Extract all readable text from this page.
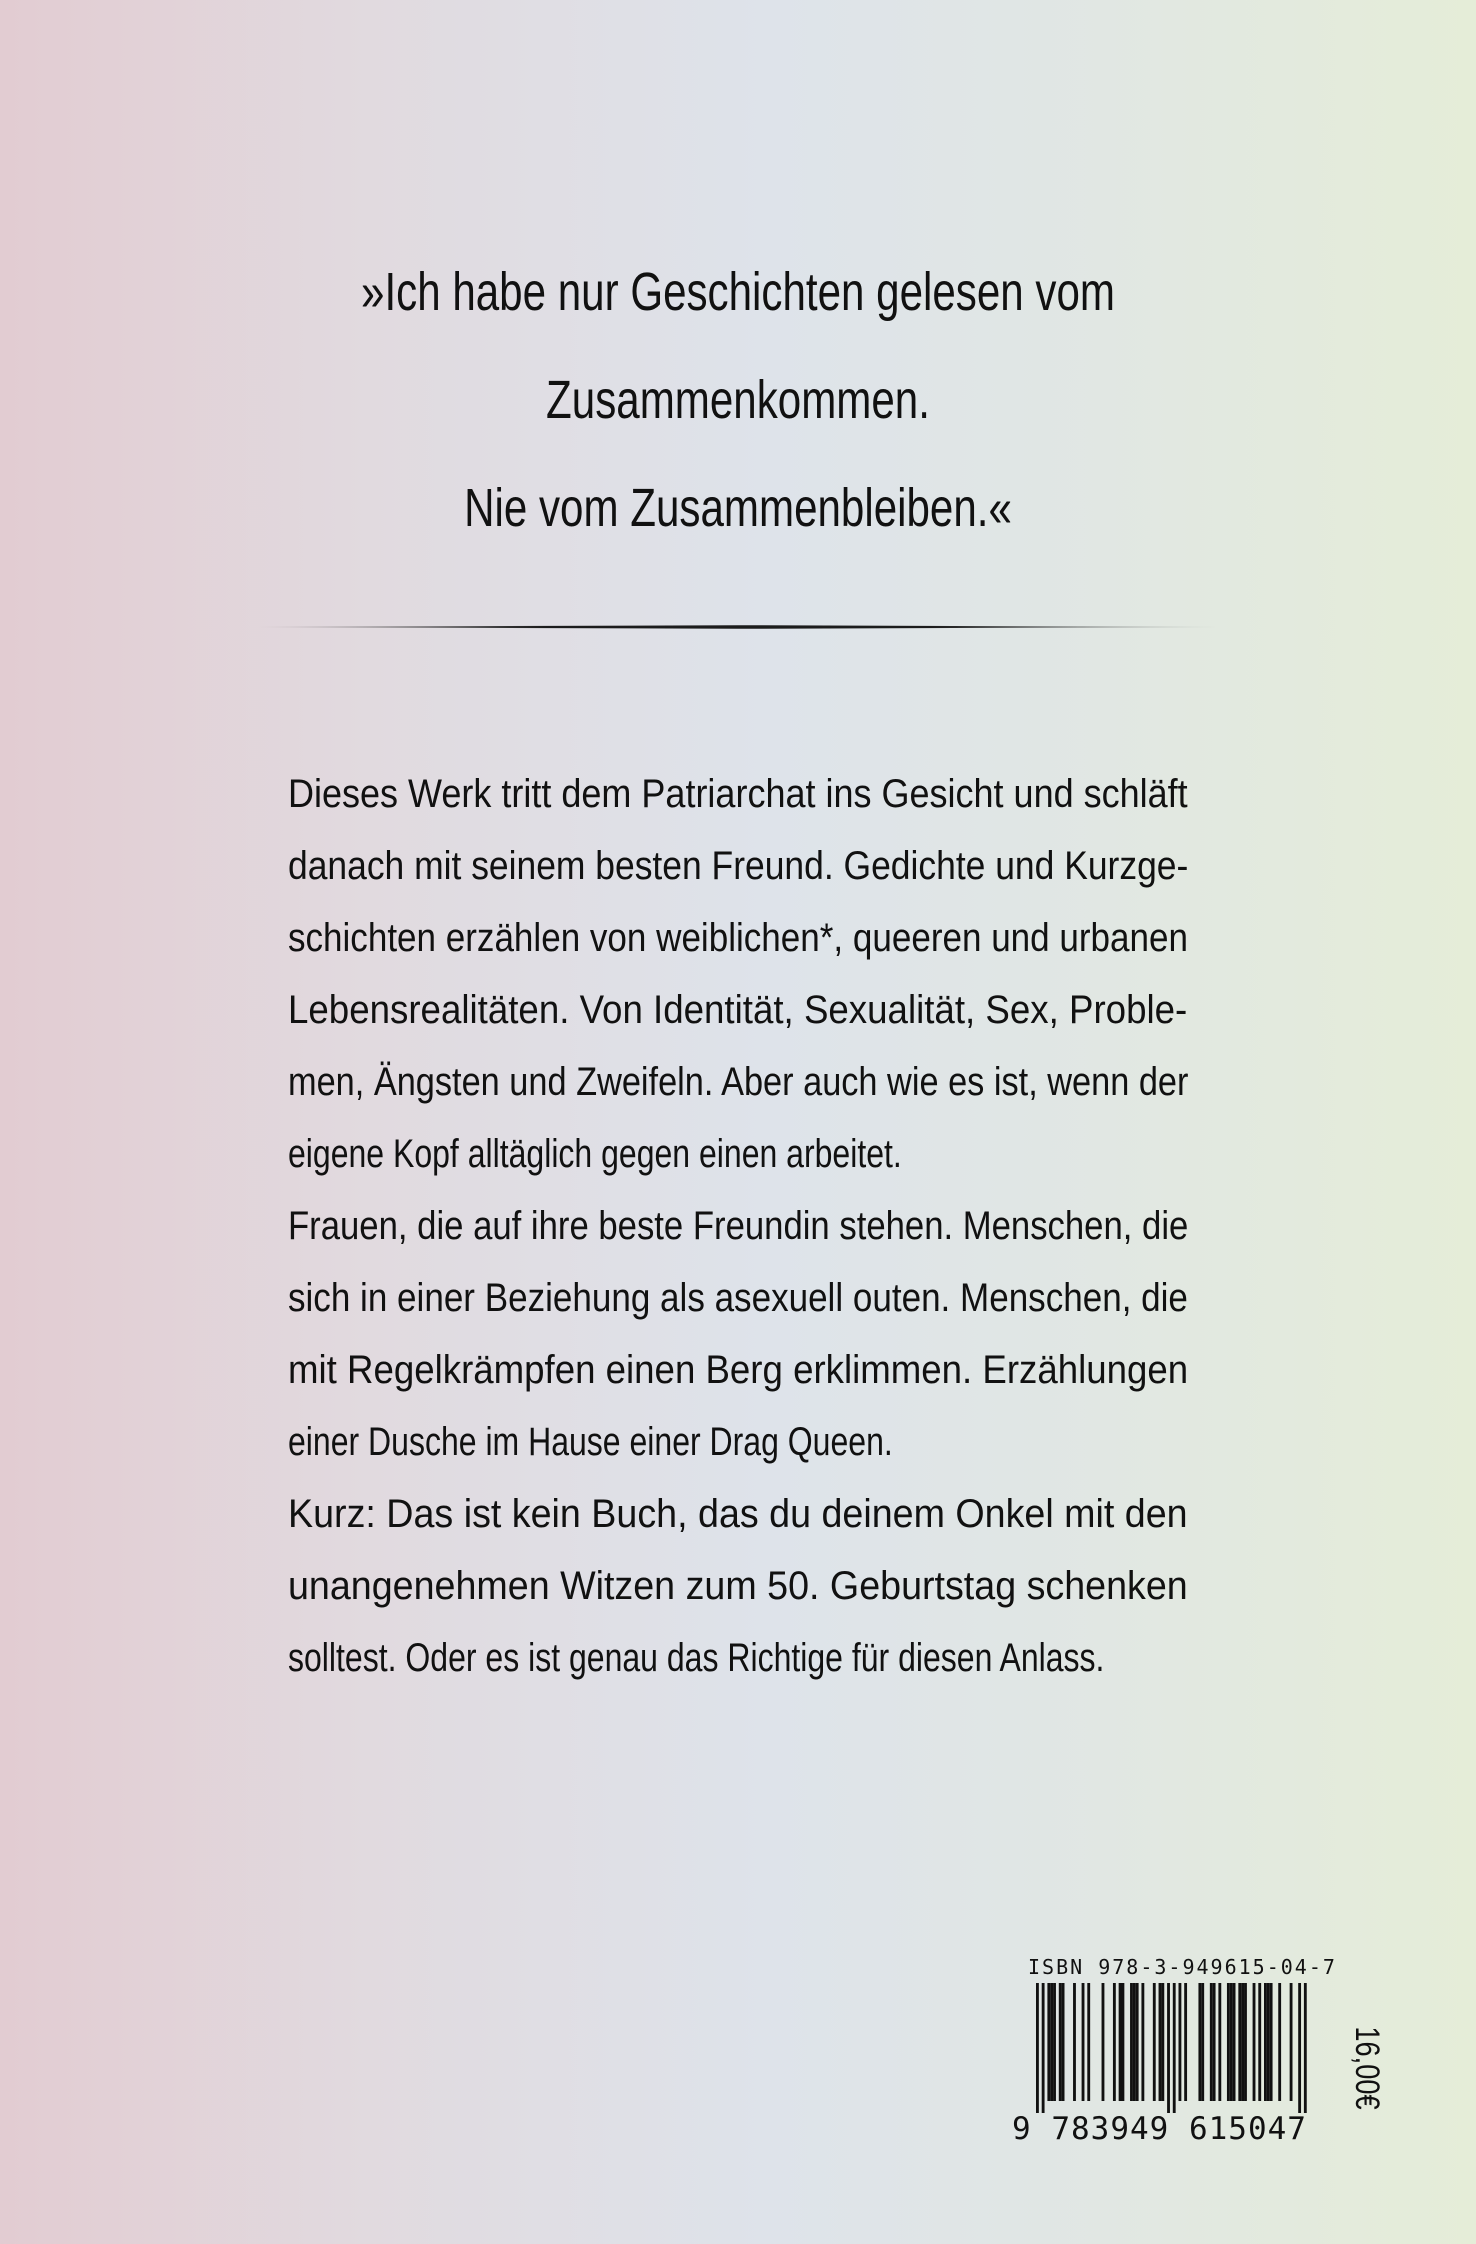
»Ich habe nur Geschichten gelesen vom
Zusammenkommen.
Nie vom Zusammenbleiben.«
Dieses Werk tritt dem Patriarchat ins Gesicht und schläft
danach mit seinem besten Freund. Gedichte und Kurzge-
schichten erzählen von weiblichen*, queeren und urbanen
Lebensrealitäten. Von Identität, Sexualität, Sex, Proble-
men, Ängsten und Zweifeln. Aber auch wie es ist, wenn der
eigene Kopf alltäglich gegen einen arbeitet.
Frauen, die auf ihre beste Freundin stehen. Menschen, die
sich in einer Beziehung als asexuell outen. Menschen, die
mit Regelkrämpfen einen Berg erklimmen. Erzählungen
einer Dusche im Hause einer Drag Queen.
Kurz: Das ist kein Buch, das du deinem Onkel mit den
unangenehmen Witzen zum 50. Geburtstag schenken
solltest. Oder es ist genau das Richtige für diesen Anlass.
ISBN 978-3-949615-04-7
9 783949 615047
16,00€
